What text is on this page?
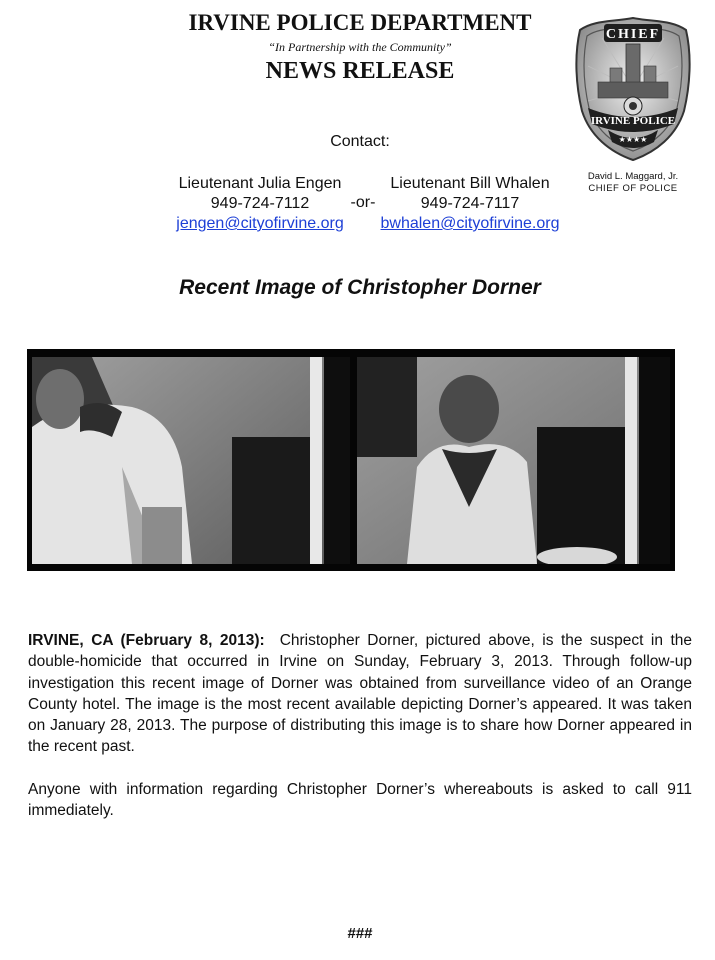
IRVINE POLICE DEPARTMENT
“In Partnership with the Community”
NEWS RELEASE
IRVINE POLICE
★★★★
CHIEF
David L. Maggard, Jr.
CHIEF OF POLICE
Contact:
Lieutenant Julia Engen
949-724-7112
jengen@cityofirvine.org
-or-
Lieutenant Bill Whalen
949-724-7117
bwhalen@cityofirvine.org
Recent Image of Christopher Dorner

IRVINE, CA (February 8, 2013): Christopher Dorner, pictured above, is the suspect in the double-homicide that occurred in Irvine on Sunday, February 3, 2013. Through follow-up investigation this recent image of Dorner was obtained from surveillance video of an Orange County hotel. The image is the most recent available depicting Dorner’s appeared. It was taken on January 28, 2013. The purpose of distributing this image is to share how Dorner appeared in the recent past.

Anyone with information regarding Christopher Dorner’s whereabouts is asked to call 911 immediately.

###
